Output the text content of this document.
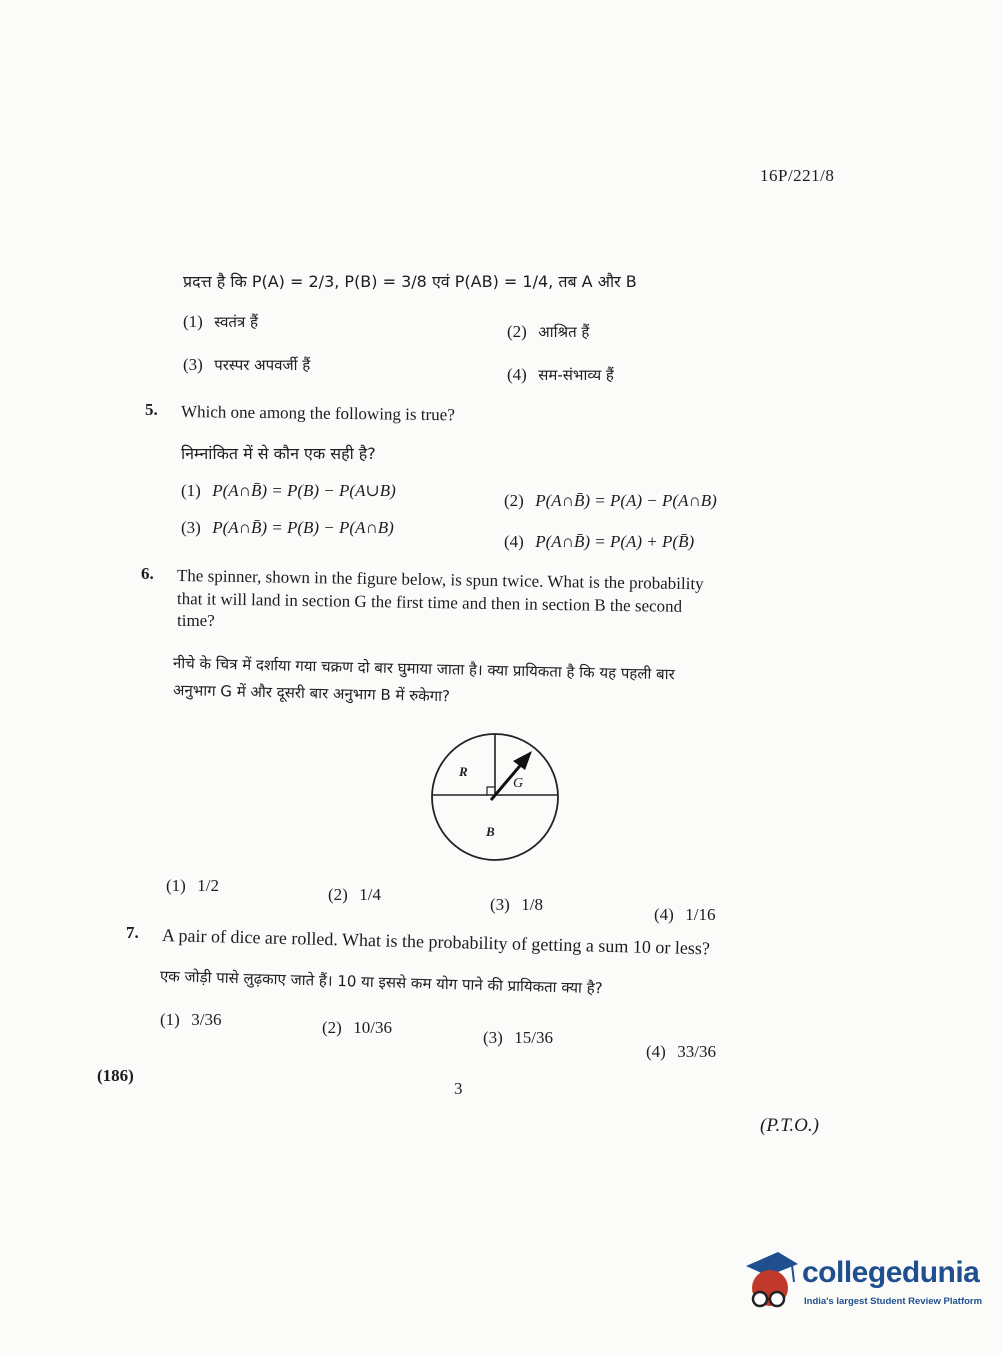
16P/221/8
प्रदत्त है कि P(A) = 2/3, P(B) = 3/8 एवं P(AB) = 1/4, तब A और B
(1) स्वतंत्र हैं	(2) आश्रित हैं
(3) परस्पर अपवर्जी हैं	(4) सम-संभाव्य हैं
5. Which one among the following is true?
निम्नांकित में से कौन एक सही है?
(1) P(A∩B̄) = P(B) − P(A∪B)
(2) P(A∩B̄) = P(A) − P(A∩B)
(3) P(A∩B̄) = P(B) − P(A∩B)
(4) P(A∩B̄) = P(A) + P(B̄)
6. The spinner, shown in the figure below, is spun twice. What is the probability
that it will land in section G the first time and then in section B the second
time?
नीचे के चित्र में दर्शाया गया चक्रण दो बार घुमाया जाता है। क्या प्रायिकता है कि यह पहली बार
अनुभाग G में और दूसरी बार अनुभाग B में रुकेगा?
R
G
B
(1) 1/2	(2) 1/4
(3) 1/8
(4) 1/16
7. A pair of dice are rolled. What is the probability of getting a sum 10 or less?
एक जोड़ी पासे लुढ़काए जाते हैं। 10 या इससे कम योग पाने की प्रायिकता क्या है?
(1) 3/36	(2) 10/36
(3) 15/36
(4) 33/36
(186)
3
(P.T.O.)
collegedunia
India's largest Student Review Platform
